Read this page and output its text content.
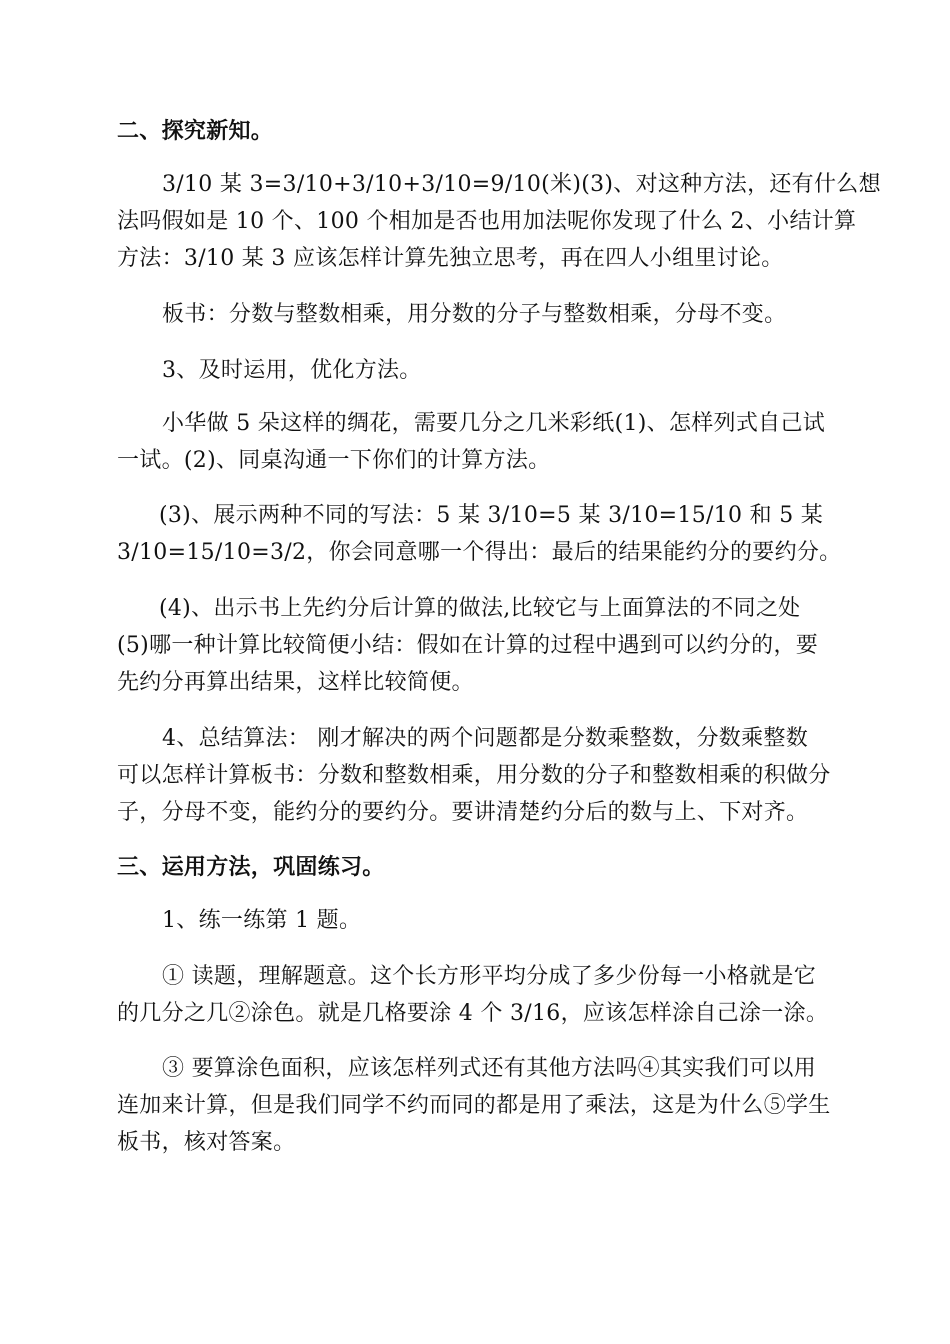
二、探究新知。
3/10 某 3=3/10+3/10+3/10=9/10(米)(3)、对这种方法，还有什么想
法吗假如是 10 个、100 个相加是否也用加法呢你发现了什么 2、小结计算
方法：3/10 某 3 应该怎样计算先独立思考，再在四人小组里讨论。
板书：分数与整数相乘，用分数的分子与整数相乘，分母不变。
3、及时运用，优化方法。
小华做 5 朵这样的绸花，需要几分之几米彩纸(1)、怎样列式自己试
一试。(2)、同桌沟通一下你们的计算方法。
(3)、展示两种不同的写法：5 某 3/10=5 某 3/10=15/10 和 5 某
3/10=15/10=3/2，你会同意哪一个得出：最后的结果能约分的要约分。
(4)、出示书上先约分后计算的做法,比较它与上面算法的不同之处
(5)哪一种计算比较简便小结：假如在计算的过程中遇到可以约分的，要
先约分再算出结果，这样比较简便。
4、总结算法： 刚才解决的两个问题都是分数乘整数，分数乘整数
可以怎样计算板书：分数和整数相乘，用分数的分子和整数相乘的积做分
子，分母不变，能约分的要约分。要讲清楚约分后的数与上、下对齐。
三、运用方法，巩固练习。
1、练一练第 1 题。
① 读题，理解题意。这个长方形平均分成了多少份每一小格就是它
的几分之几②涂色。就是几格要涂 4 个 3/16，应该怎样涂自己涂一涂。
③ 要算涂色面积，应该怎样列式还有其他方法吗④其实我们可以用
连加来计算，但是我们同学不约而同的都是用了乘法，这是为什么⑤学生
板书，核对答案。
